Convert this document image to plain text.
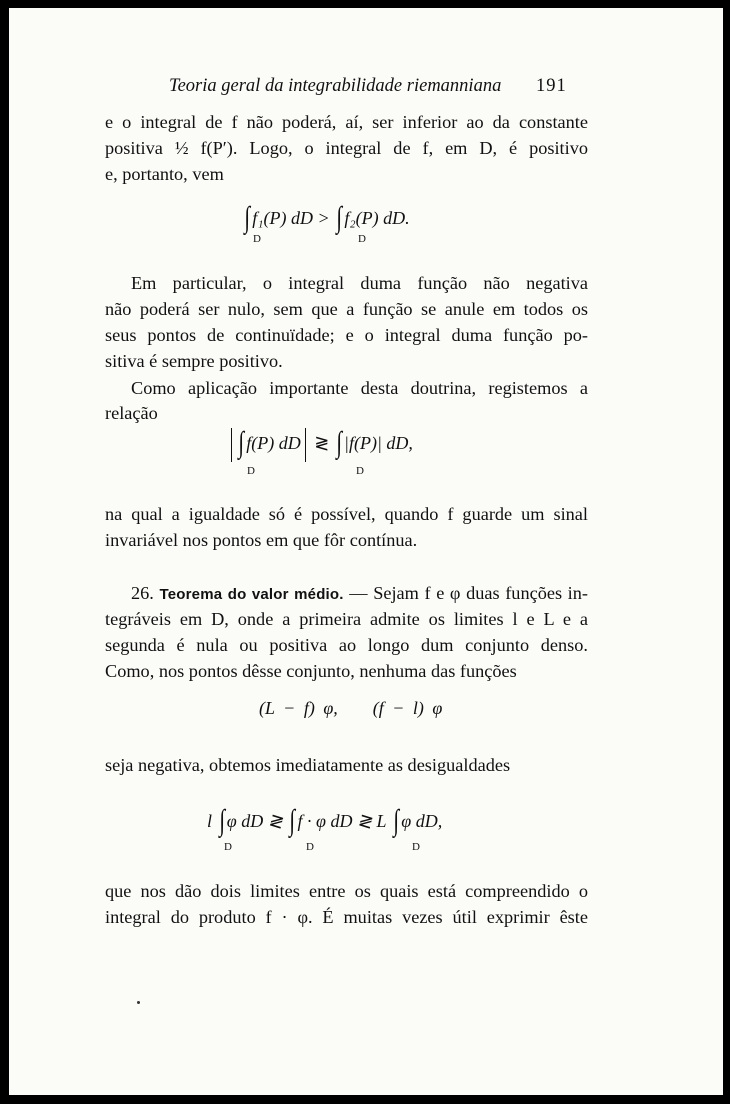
Teoria geral da integrabilidade riemanniana 191
e o integral de f não poderá, aí, ser inferior ao da constante
positiva ½ f(P′). Logo, o integral de f, em D, é positivo
e, portanto, vem
∫ f₁(P) dD > ∫ f₂(P) dD.
D	D
Em particular, o integral duma função não negativa
não poderá ser nulo, sem que a função se anule em todos os
seus pontos de continuïdade; e o integral duma função po-
sitiva é sempre positivo.
Como aplicação importante desta doutrina, registemos a
relação
∫ f(P) dD ≷ ∫ |f(P)| dD,
D	D
na qual a igualdade só é possível, quando f guarde um sinal
invariável nos pontos em que fôr contínua.
26. Teorema do valor médio. — Sejam f e φ duas funções in-
tegráveis em D, onde a primeira admite os limites l e L e a
segunda é nula ou positiva ao longo dum conjunto denso.
Como, nos pontos dêsse conjunto, nenhuma das funções
(L − f) φ, (f − l) φ
seja negativa, obtemos imediatamente as desigualdades
l ∫ φ dD ≷ ∫ f · φ dD ≷ L ∫ φ dD,
D	D	D
que nos dão dois limites entre os quais está compreendido o
integral do produto f · φ. É muitas vezes útil exprimir êste
